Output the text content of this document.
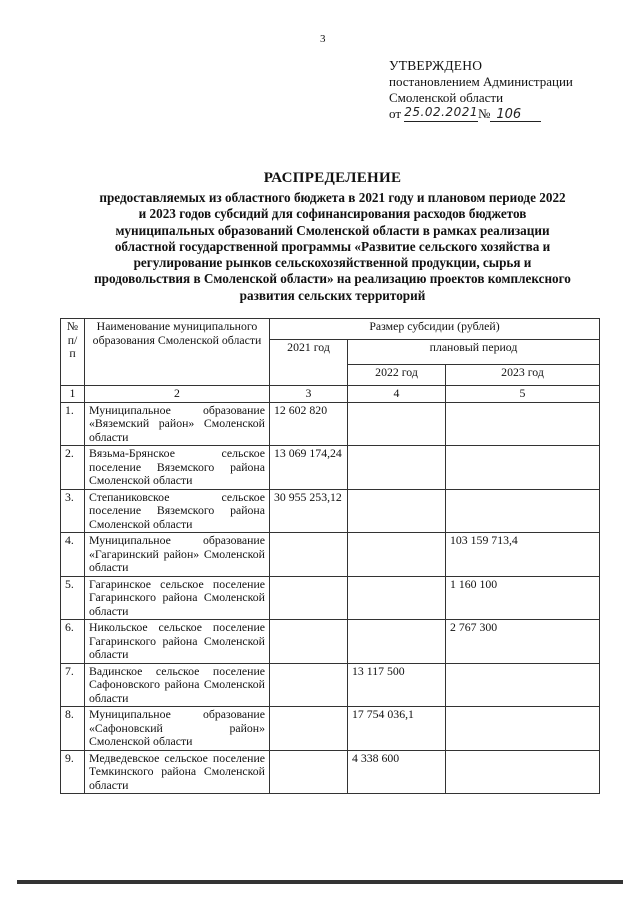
3
УТВЕРЖДЕНО
постановлением Администрации
Смоленской области
от 25.02.2021№ 106
РАСПРЕДЕЛЕНИЕ
предоставляемых из областного бюджета в 2021 году и плановом периоде 2022
и 2023 годов субсидий для софинансирования расходов бюджетов
муниципальных образований Смоленской области в рамках реализации
областной государственной программы «Развитие сельского хозяйства и
регулирование рынков сельскохозяйственной продукции, сырья и
продовольствия в Смоленской области» на реализацию проектов комплексного
развития сельских территорий
№ п/п	Наименование муниципального образования Смоленской области	Размер субсидии (рублей)		
		2021 год	плановый период	
			2022 год	2023 год
1	2	3	4	5
1.	Муниципальное образование «Вяземский район» Смоленской области	12 602 820		
2.	Вязьма-Брянское сельское поселение Вяземского района Смоленской области	13 069 174,24		
3.	Степаниковское сельское поселение Вяземского района Смоленской области	30 955 253,12		
4.	Муниципальное образование «Гагаринский район» Смоленской области			103 159 713,4
5.	Гагаринское сельское поселение Гагаринского района Смоленской области			1 160 100
6.	Никольское сельское поселение Гагаринского района Смоленской области			2 767 300
7.	Вадинское сельское поселение Сафоновского района Смоленской области		13 117 500	
8.	Муниципальное образование «Сафоновский район» Смоленской области		17 754 036,1	
9.	Медведевское сельское поселение Темкинского района Смоленской области		4 338 600	
